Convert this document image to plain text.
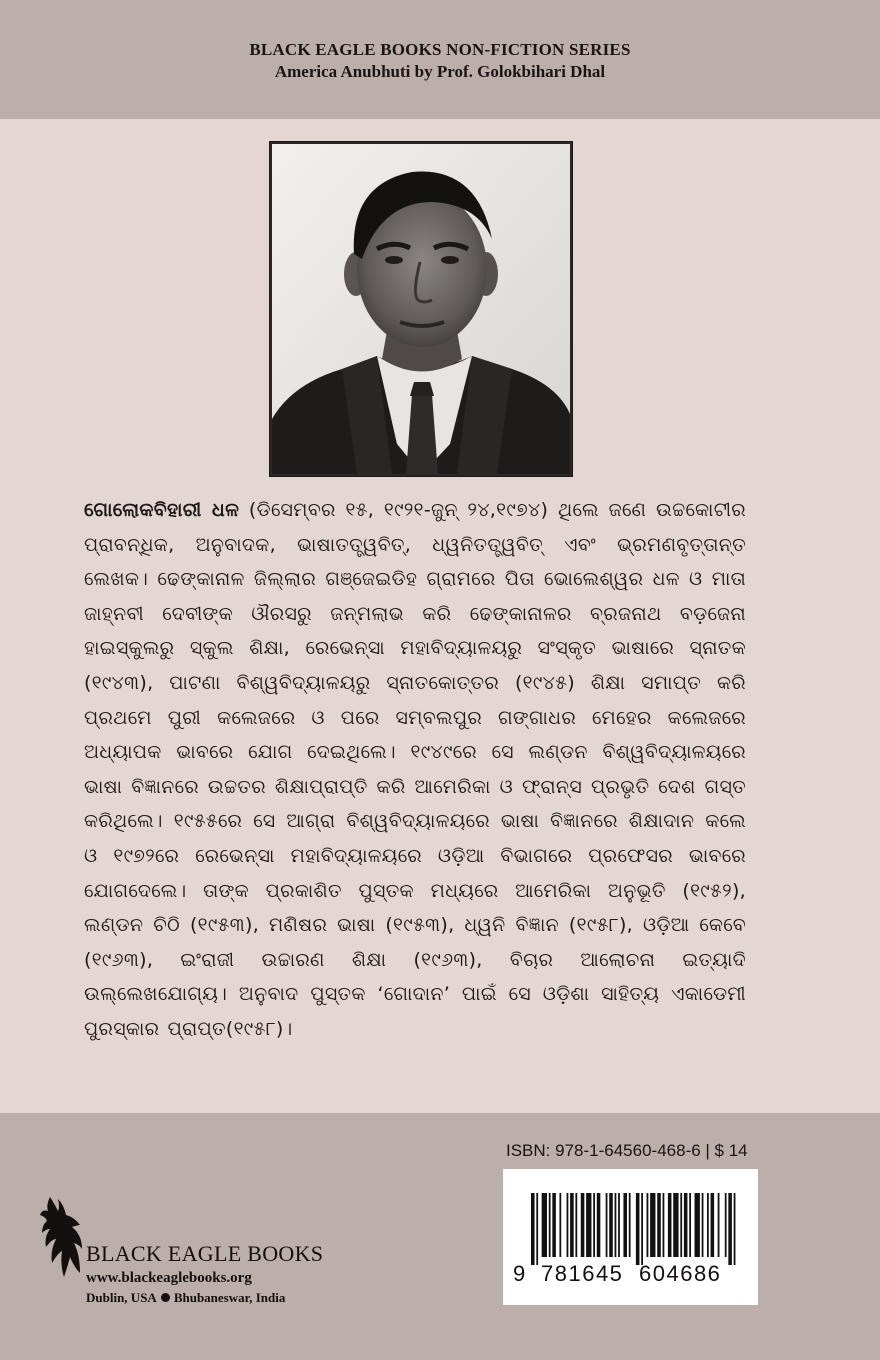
BLACK EAGLE BOOKS NON-FICTION SERIES
America Anubhuti by Prof. Golokbihari Dhal
ଗୋଲୋକବିହାରୀ ଧଳ (ଡିସେମ୍ବର ୧୫, ୧୯୨୧-ଜୁନ୍ ୨୪,୧୯୭୪) ଥିଲେ ଜଣେ ଉଚ୍ଚକୋଟୀର ପ୍ରାବନ୍ଧିକ, ଅନୁବାଦକ, ଭାଷାତତ୍ତ୍ୱବିତ୍‌, ଧ୍ୱନିତତ୍ତ୍ୱବିତ୍‌ ଏବଂ ଭ୍ରମଣବୃତ୍ତାନ୍ତ ଲେଖକ। ଢେଙ୍କାନାଳ ଜିଲ୍ଲାର ଗଞ୍ଜେଇଡିହ ଗ୍ରାମରେ ପିତା ଭୋଲେଶ୍ୱର ଧଳ ଓ ମାତା ଜାହ୍ନବୀ ଦେବୀଙ୍କ ଔରସରୁ ଜନ୍ମଲାଭ କରି ଢେଙ୍କାନାଳର ବ୍ରଜନାଥ ବଡ଼ଜେନା ହାଇସ୍କୁଲରୁ ସ୍କୁଲ ଶିକ୍ଷା, ରେଭେନ୍ସା ମହାବିଦ୍ୟାଳୟରୁ ସଂସ୍କୃତ ଭାଷାରେ ସ୍ନାତକ (୧୯୪୩), ପାଟଣା ବିଶ୍ୱବିଦ୍ୟାଳୟରୁ ସ୍ନାତକୋତ୍ତର (୧୯୪୫) ଶିକ୍ଷା ସମାପ୍ତ କରି ପ୍ରଥମେ ପୁରୀ କଲେଜରେ ଓ ପରେ ସମ୍ବଲପୁର ଗଙ୍ଗାଧର ମେହେର କଲେଜରେ ଅଧ୍ୟାପକ ଭାବରେ ଯୋଗ ଦେଇଥିଲେ। ୧୯୪୯ରେ ସେ ଲଣ୍ଡନ ବିଶ୍ୱବିଦ୍ୟାଳୟରେ ଭାଷା ବିଜ୍ଞାନରେ ଉଚ୍ଚତର ଶିକ୍ଷାପ୍ରାପ୍ତି କରି ଆମେରିକା ଓ ଫ୍ରାନ୍ସ ପ୍ରଭୃତି ଦେଶ ଗସ୍ତ କରିଥିଲେ। ୧୯୫୫ରେ ସେ ଆଗ୍ରା ବିଶ୍ୱବିଦ୍ୟାଳୟରେ ଭାଷା ବିଜ୍ଞାନରେ ଶିକ୍ଷାଦାନ କଲେ ଓ ୧୯୭୨ରେ ରେଭେନ୍ସା ମହାବିଦ୍ୟାଳୟରେ ଓଡ଼ିଆ ବିଭାଗରେ ପ୍ରଫେସର ଭାବରେ ଯୋଗଦେଲେ। ତାଙ୍କ ପ୍ରକାଶିତ ପୁସ୍ତକ ମଧ୍ୟରେ ଆମେରିକା ଅନୁଭୂତି (୧୯୫୨), ଲଣ୍ଡନ ଚିଠି (୧୯୫୩), ମଣିଷର ଭାଷା (୧୯୫୩), ଧ୍ୱନି ବିଜ୍ଞାନ (୧୯୫୮), ଓଡ଼ିଆ କେବେ (୧୯୬୩), ଇଂରାଜୀ ଉଚ୍ଚାରଣ ଶିକ୍ଷା (୧୯୬୩), ବିଚାର ଆଲୋଚନା ଇତ୍ୟାଦି ଉଲ୍ଲେଖଯୋଗ୍ୟ। ଅନୁବାଦ ପୁସ୍ତକ ‘ଗୋଦାନ’ ପାଇଁ ସେ ଓଡ଼ିଶା ସାହିତ୍ୟ ଏକାଡେମୀ ପୁରସ୍କାର ପ୍ରାପ୍ତ(୧୯୫୮)।
BLACK EAGLE BOOKS
www.blackeaglebooks.org
Dublin, USA Bhubaneswar, India
ISBN: 978-1-64560-468-6 | $ 14
9 781645 604686
